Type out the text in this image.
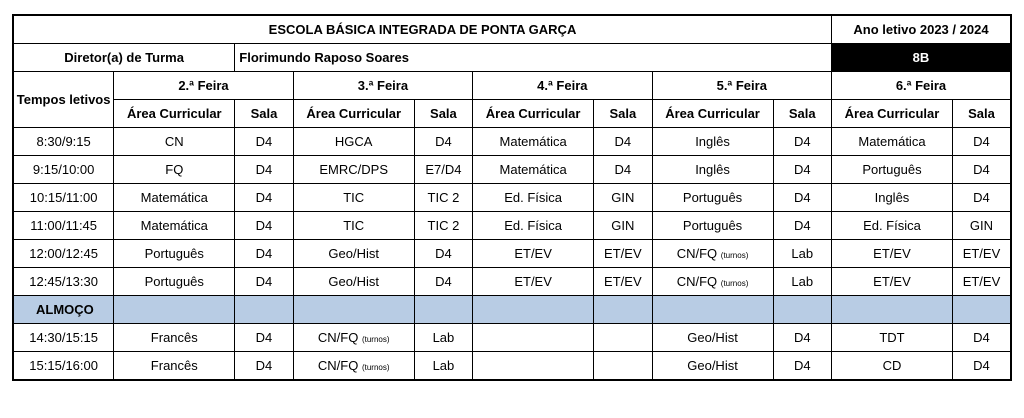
ESCOLA BÁSICA INTEGRADA DE PONTA GARÇA									Ano letivo 2023 / 2024	
Diretor(a) de Turma		Florimundo Raposo Soares							8B	
Tempos letivos	2.ª Feira		3.ª Feira		4.ª Feira		5.ª Feira		6.ª Feira	
	Área Curricular	Sala	Área Curricular	Sala	Área Curricular	Sala	Área Curricular	Sala	Área Curricular	Sala
8:30/9:15	CN	D4	HGCA	D4	Matemática	D4	Inglês	D4	Matemática	D4
9:15/10:00	FQ	D4	EMRC/DPS	E7/D4	Matemática	D4	Inglês	D4	Português	D4
10:15/11:00	Matemática	D4	TIC	TIC 2	Ed. Física	GIN	Português	D4	Inglês	D4
11:00/11:45	Matemática	D4	TIC	TIC 2	Ed. Física	GIN	Português	D4	Ed. Física	GIN
12:00/12:45	Português	D4	Geo/Hist	D4	ET/EV	ET/EV	CN/FQ (turnos)	Lab	ET/EV	ET/EV
12:45/13:30	Português	D4	Geo/Hist	D4	ET/EV	ET/EV	CN/FQ (turnos)	Lab	ET/EV	ET/EV
ALMOÇO										
14:30/15:15	Francês	D4	CN/FQ (turnos)	Lab			Geo/Hist	D4	TDT	D4
15:15/16:00	Francês	D4	CN/FQ (turnos)	Lab			Geo/Hist	D4	CD	D4
